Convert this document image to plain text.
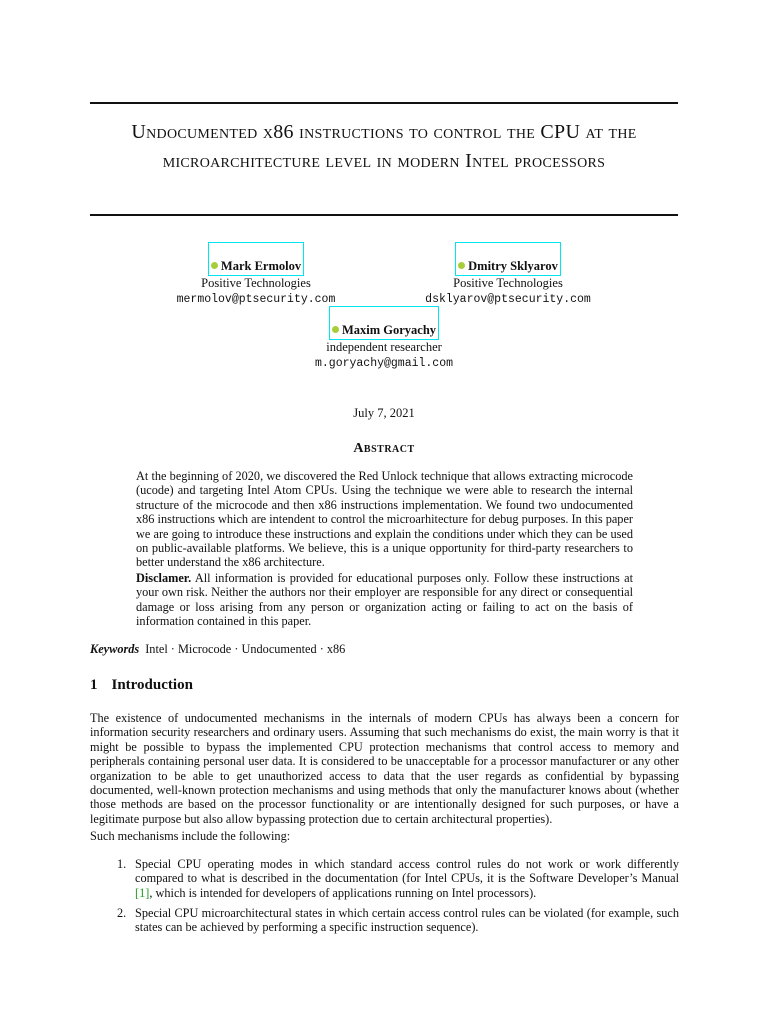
Undocumented x86 instructions to control the CPU at the microarchitecture level in modern Intel processors
Mark Ermolov
Positive Technologies
mermolov@ptsecurity.com
Dmitry Sklyarov
Positive Technologies
dsklyarov@ptsecurity.com
Maxim Goryachy
independent researcher
m.goryachy@gmail.com
July 7, 2021
Abstract
At the beginning of 2020, we discovered the Red Unlock technique that allows extracting microcode (ucode) and targeting Intel Atom CPUs. Using the technique we were able to research the internal structure of the microcode and then x86 instructions implementation. We found two undocumented x86 instructions which are intendent to control the microarhitecture for debug purposes. In this paper we are going to introduce these instructions and explain the conditions under which they can be used on public-available platforms. We believe, this is a unique opportunity for third-party researchers to better understand the x86 architecture.
Disclamer. All information is provided for educational purposes only. Follow these instructions at your own risk. Neither the authors nor their employer are responsible for any direct or consequential damage or loss arising from any person or organization acting or failing to act on the basis of information contained in this paper.
Keywords Intel · Microcode · Undocumented · x86
1 Introduction
The existence of undocumented mechanisms in the internals of modern CPUs has always been a concern for information security researchers and ordinary users. Assuming that such mechanisms do exist, the main worry is that it might be possible to bypass the implemented CPU protection mechanisms that control access to memory and peripherals containing personal user data. It is considered to be unacceptable for a processor manufacturer or any other organization to be able to get unauthorized access to data that the user regards as confidential by bypassing documented, well-known protection mechanisms and using methods that only the manufacturer knows about (whether those methods are based on the processor functionality or are intentionally designed for such purposes, or have a legitimate purpose but also allow bypassing protection due to certain architectural properties).
Such mechanisms include the following:
1. Special CPU operating modes in which standard access control rules do not work or work differently compared to what is described in the documentation (for Intel CPUs, it is the Software Developer’s Manual [1], which is intended for developers of applications running on Intel processors).
2. Special CPU microarchitectural states in which certain access control rules can be violated (for example, such states can be achieved by performing a specific instruction sequence).
